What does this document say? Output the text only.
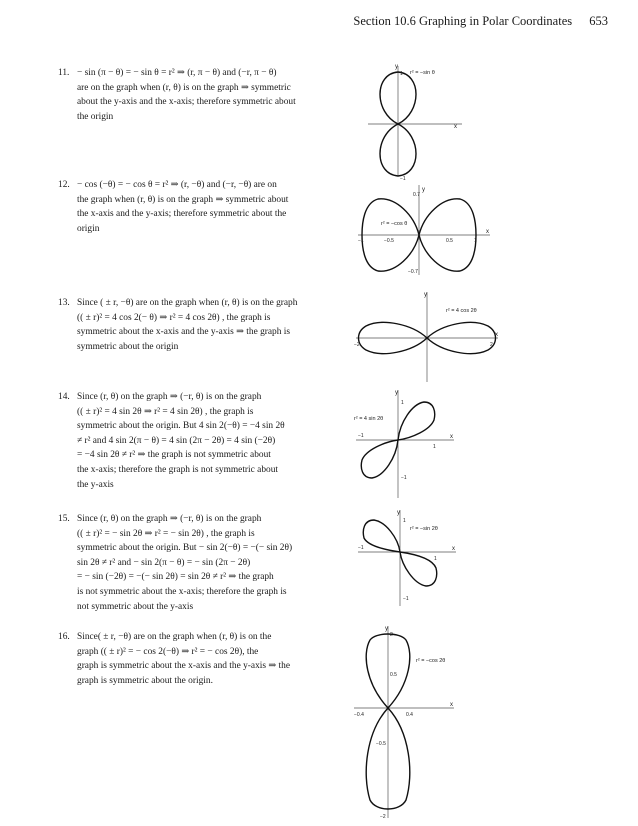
Section 10.6 Graphing in Polar Coordinates 653
11. − sin (π − θ) = − sin θ = r² ⇒ (r, π − θ) and (−r, π − θ)

are on the graph when (r, θ) is on the graph ⇒ symmetric

about the y-axis and the x-axis; therefore symmetric about

the origin

y
x
r² = −sin θ
1
−1
12. − cos (−θ) = − cos θ = r² ⇒ (r, −θ) and (−r, −θ) are on

the graph when (r, θ) is on the graph ⇒ symmetric about

the x-axis and the y-axis; therefore symmetric about the

origin

y
x
r² = −cos θ
0.7
−0.7
−1	−0.5	0.5	1
13. Since ( ± r, −θ) are on the graph when (r, θ) is on the graph

(( ± r)² = 4 cos 2(− θ) ⇒ r² = 4 cos 2θ) , the graph is

symmetric about the x-axis and the y-axis ⇒ the graph is

symmetric about the origin

y
x
r² = 4 cos 2θ
−2	2
14. Since (r, θ) on the graph ⇒ (−r, θ) is on the graph

(( ± r)² = 4 sin 2θ ⇒ r² = 4 sin 2θ) , the graph is

symmetric about the origin. But 4 sin 2(−θ) = −4 sin 2θ

≠ r² and 4 sin 2(π − θ) = 4 sin (2π − 2θ) = 4 sin (−2θ)

= −4 sin 2θ ≠ r² ⇒ the graph is not symmetric about

the x-axis; therefore the graph is not symmetric about

the y-axis

y
x
r² = 4 sin 2θ
1
−1
−1
1
15. Since (r, θ) on the graph ⇒ (−r, θ) is on the graph

(( ± r)² = − sin 2θ ⇒ r² = − sin 2θ) , the graph is

symmetric about the origin. But − sin 2(−θ) = −(− sin 2θ)

sin 2θ ≠ r² and − sin 2(π − θ) = − sin (2π − 2θ)

= − sin (−2θ) = −(− sin 2θ) = sin 2θ ≠ r² ⇒ the graph

is not symmetric about the x-axis; therefore the graph is

not symmetric about the y-axis

y
x
r² = −sin 2θ
1
−1
−1
1
16. Since( ± r, −θ) are on the graph when (r, θ) is on the

graph (( ± r)² = − cos 2(−θ) ⇒ r² = − cos 2θ), the

graph is symmetric about the x-axis and the y-axis ⇒ the

graph is symmetric about the origin.

y
x
r² = −cos 2θ
2
0.5
−0.5
−2
−0.4	0.4
